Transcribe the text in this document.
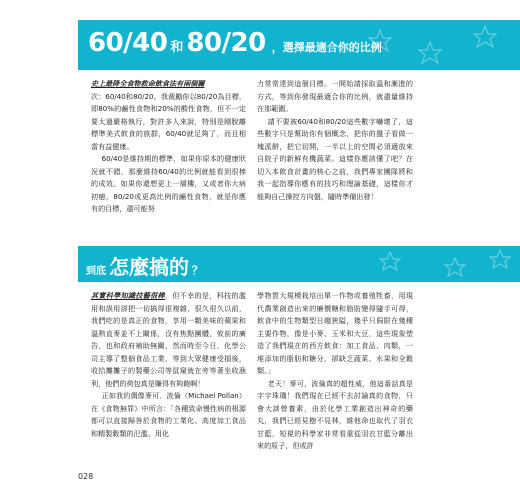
60/40 和 80/20 ，選擇最適合你的比例

史上最降全食物救命飲食法有兩個關

次：60/40和80/20。我裁勵你以80/20為目標，即80%的鹼性食物和20%的酸性食物，但不一定要太過嚴格執行，對許多人來說，特別是剛脫離標準美式飲食的族群，60/40就足夠了，而且相當有益健康。

60/40是維持期的標準，如果你原本的健康狀況就不錯，那麼維持60/40的比例就能看到很棒的成效。如果你還想更上一層樓，又或者你大病初癒，80/20或更高比例的鹼性食物，就是你應有的目標，盡可能努

力常常達到這個目標。一開始請採取溫和漸進的方式，等到你發現最適合你的比例，就盡量維持在那範圍。

請不要被60/40和80/20這些數字嚇壞了，這些數字只是幫助你有個概念，把你的盤子看做一塊派餅，把它切開，一半以上的空間必須適放來自院子的新鮮有機蔬菜。這樣你應該懂了吧？在切入本飲食計畫的核心之前，我們專家團隊將和我一起指導你應有的技巧和理論基礎，這樣你才能夠自己操控方向盤，隨時準備出發！

到底 怎麼搞的 ？

其實科學知識技藝很棒，但不幸的是，科技的濫用和誤用卻把一切搞得很複雜，很久很久以前，我們吃的是真正的食物，享用一顆美味的蘋果和溫熱直麥並不上關係，沒有焦點團體，攸前的廣告，也和政府補助無關，然而時至今日，化學公司主導了整個食品工業，等到大眾健康受損後，收拾攤攤子的製藥公司等鼠窺就在旁等著坐收漁利，他們的荷包真是賺得有夠飽啊！

正如我的偶像麥可．波倫（Michael Pollan）在《食物無罪》中所言：「各種致命慢性病的根源都可以直接歸咎於食物的工業化、高度加工食品和精製穀類的氾濫、用化

學物質大規模栽培出單一作物或養殖牲畜，用現代農業創造出來的廉價糖和脂肪變得隨手可得，飲食中的生物類型日趨狹隘，幾乎只侷限在幾種主要作物，像是小麥、玉米和大豆，這些現象塑造了我們現在的西方飲食：加工食品、肉類，一堆添加的脂肪和糖分，卻缺乏蔬菜、水果和全穀類。」

老天！麥可，波倫真的超性威，他這番話真是字字珠璣！我們現在已經不去討論真的食物，只會大談營養素，由於化學工業創造出神奇的藥丸，我們已經見樹不見林，維他命也取代了羽衣甘藍，短視的科學家非常看重從羽衣甘藍分離出來的原子，但或許

028
